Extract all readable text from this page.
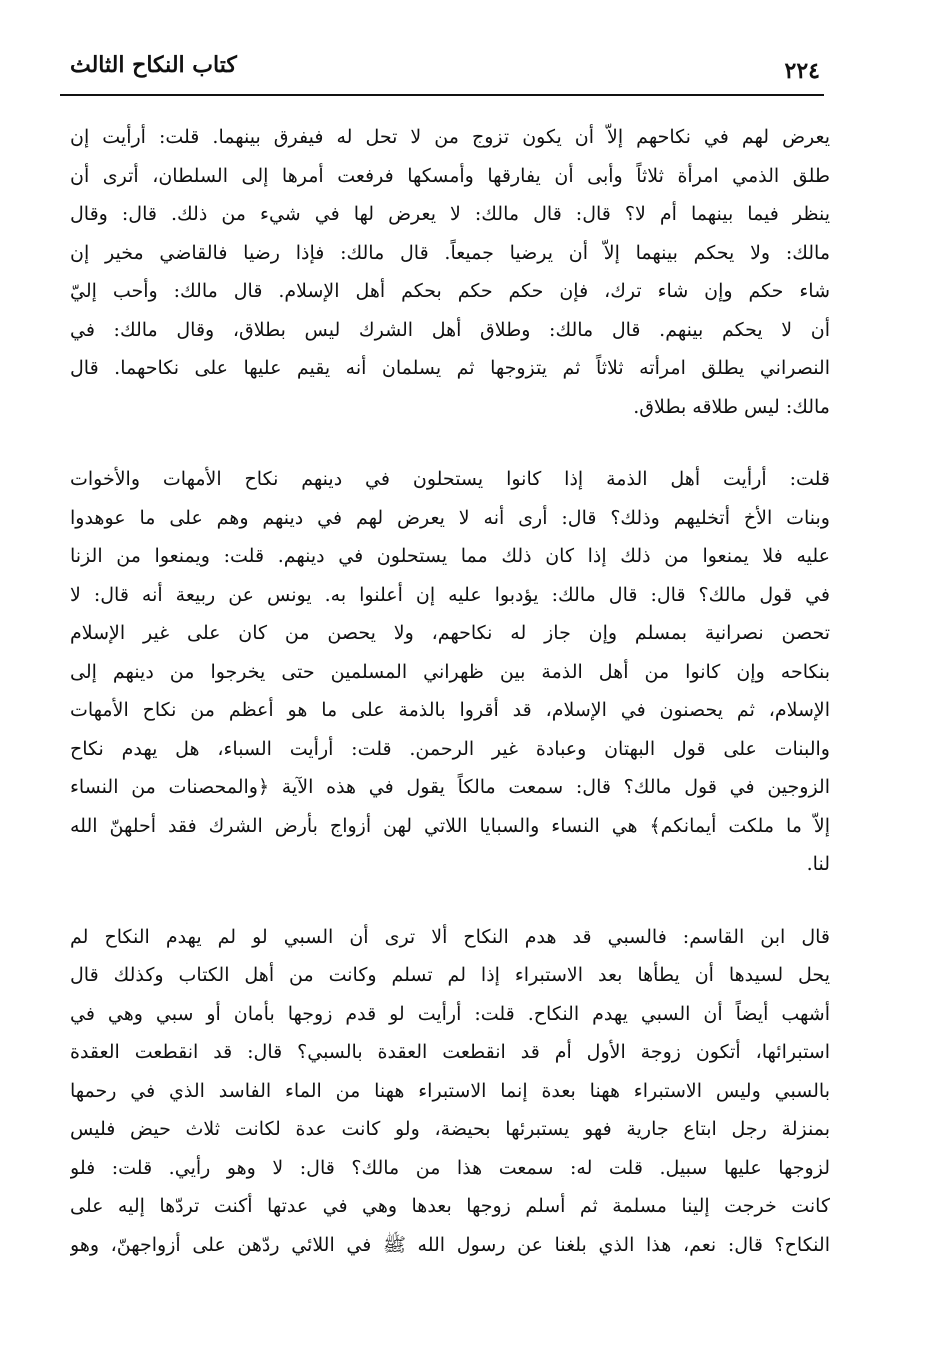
كتاب النكاح الثالث	٢٢٤
يعرض لهم في نكاحهم إلاّ أن يكون تزوج من لا تحل له فيفرق بينهما. قلت: أرأيت إن
طلق الذمي امرأة ثلاثاً وأبى أن يفارقها وأمسكها فرفعت أمرها إلى السلطان، أترى أن
ينظر فيما بينهما أم لا؟ قال: قال مالك: لا يعرض لها في شيء من ذلك. قال: وقال
مالك: ولا يحكم بينهما إلاّ أن يرضيا جميعاً. قال مالك: فإذا رضيا فالقاضي مخير إن
شاء حكم وإن شاء ترك، فإن حكم حكم بحكم أهل الإسلام. قال مالك: وأحب إليّ
أن لا يحكم بينهم. قال مالك: وطلاق أهل الشرك ليس بطلاق، وقال مالك: في
النصراني يطلق امرأته ثلاثاً ثم يتزوجها ثم يسلمان أنه يقيم عليها على نكاحهما. قال
مالك: ليس طلاقه بطلاق.
قلت: أرأيت أهل الذمة إذا كانوا يستحلون في دينهم نكاح الأمهات والأخوات
وبنات الأخ أتخليهم وذلك؟ قال: أرى أنه لا يعرض لهم في دينهم وهم على ما عوهدوا
عليه فلا يمنعوا من ذلك إذا كان ذلك مما يستحلون في دينهم. قلت: ويمنعوا من الزنا
في قول مالك؟ قال: قال مالك: يؤدبوا عليه إن أعلنوا به. يونس عن ربيعة أنه قال: لا
تحصن نصرانية بمسلم وإن جاز له نكاحهم، ولا يحصن من كان على غير الإسلام
بنكاحه وإن كانوا من أهل الذمة بين ظهراني المسلمين حتى يخرجوا من دينهم إلى
الإسلام، ثم يحصنون في الإسلام، قد أقروا بالذمة على ما هو أعظم من نكاح الأمهات
والبنات على قول البهتان وعبادة غير الرحمن. قلت: أرأيت السباء، هل يهدم نكاح
الزوجين في قول مالك؟ قال: سمعت مالكاً يقول في هذه الآية ﴿والمحصنات من النساء
إلاّ ما ملكت أيمانكم﴾ هي النساء والسبايا اللاتي لهن أزواج بأرض الشرك فقد أحلهنّ الله
لنا.
قال ابن القاسم: فالسبي قد هدم النكاح ألا ترى أن السبي لو لم يهدم النكاح لم
يحل لسيدها أن يطأها بعد الاستبراء إذا لم تسلم وكانت من أهل الكتاب وكذلك قال
أشهب أيضاً أن السبي يهدم النكاح. قلت: أرأيت لو قدم زوجها بأمان أو سبي وهي في
استبرائها، أتكون زوجة الأول أم قد انقطعت العقدة بالسبي؟ قال: قد انقطعت العقدة
بالسبي وليس الاستبراء ههنا بعدة إنما الاستبراء ههنا من الماء الفاسد الذي في رحمها
بمنزلة رجل ابتاع جارية فهو يستبرئها بحيضة، ولو كانت عدة لكانت ثلاث حيض فليس
لزوجها عليها سبيل. قلت له: سمعت هذا من مالك؟ قال: لا وهو رأيي. قلت: فلو
كانت خرجت إلينا مسلمة ثم أسلم زوجها بعدها وهي في عدتها أكنت تردّها إليه على
النكاح؟ قال: نعم، هذا الذي بلغنا عن رسول الله ﷺ في اللائي ردّهن على أزواجهنّ، وهو
